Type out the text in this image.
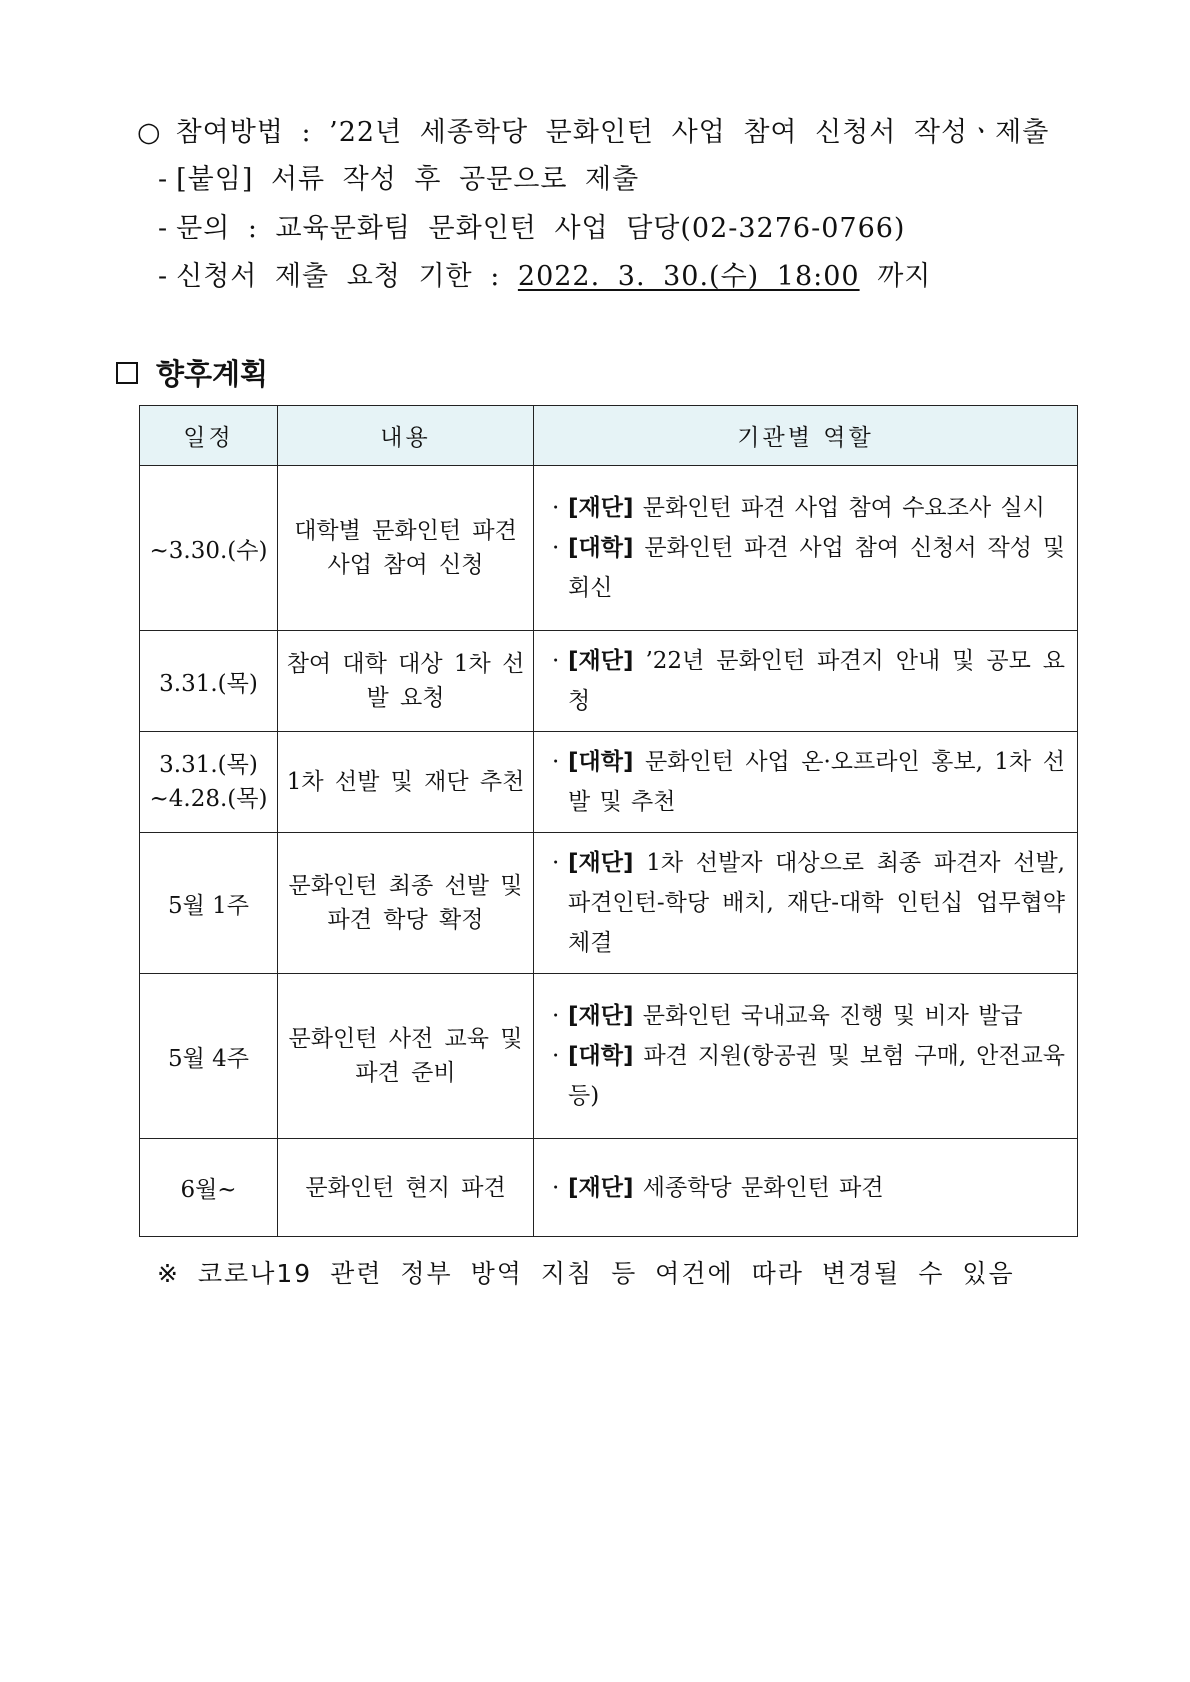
○ 참여방법 : ’22년 세종학당 문화인턴 사업 참여 신청서 작성ㆍ제출
- [붙임] 서류 작성 후 공문으로 제출
- 문의 : 교육문화팀 문화인턴 사업 담당(02-3276-0766)
- 신청서 제출 요청 기한 : 2022. 3. 30.(수) 18:00 까지
향후계획
일정	내용	기관별 역할
~3.30.(수)	대학별 문화인턴 파견 사업 참여 신청	· [재단] 문화인턴 파견 사업 참여 수요조사 실시
· [대학] 문화인턴 파견 사업 참여 신청서 작성 및 회신

3.31.(목)	참여 대학 대상 1차 선발 요청	· [재단] ’22년 문화인턴 파견지 안내 및 공모 요청

3.31.(목) ~4.28.(목)	1차 선발 및 재단 추천	· [대학] 문화인턴 사업 온·오프라인 홍보, 1차 선발 및 추천

5월 1주	문화인턴 최종 선발 및 파견 학당 확정	· [재단] 1차 선발자 대상으로 최종 파견자 선발, 파견인턴-학당 배치, 재단-대학 인턴십 업무협약 체결

5월 4주	문화인턴 사전 교육 및 파견 준비	· [재단] 문화인턴 국내교육 진행 및 비자 발급
· [대학] 파견 지원(항공권 및 보험 구매, 안전교육 등)

6월~	문화인턴 현지 파견	· [재단] 세종학당 문화인턴 파견
※ 코로나19 관련 정부 방역 지침 등 여건에 따라 변경될 수 있음
